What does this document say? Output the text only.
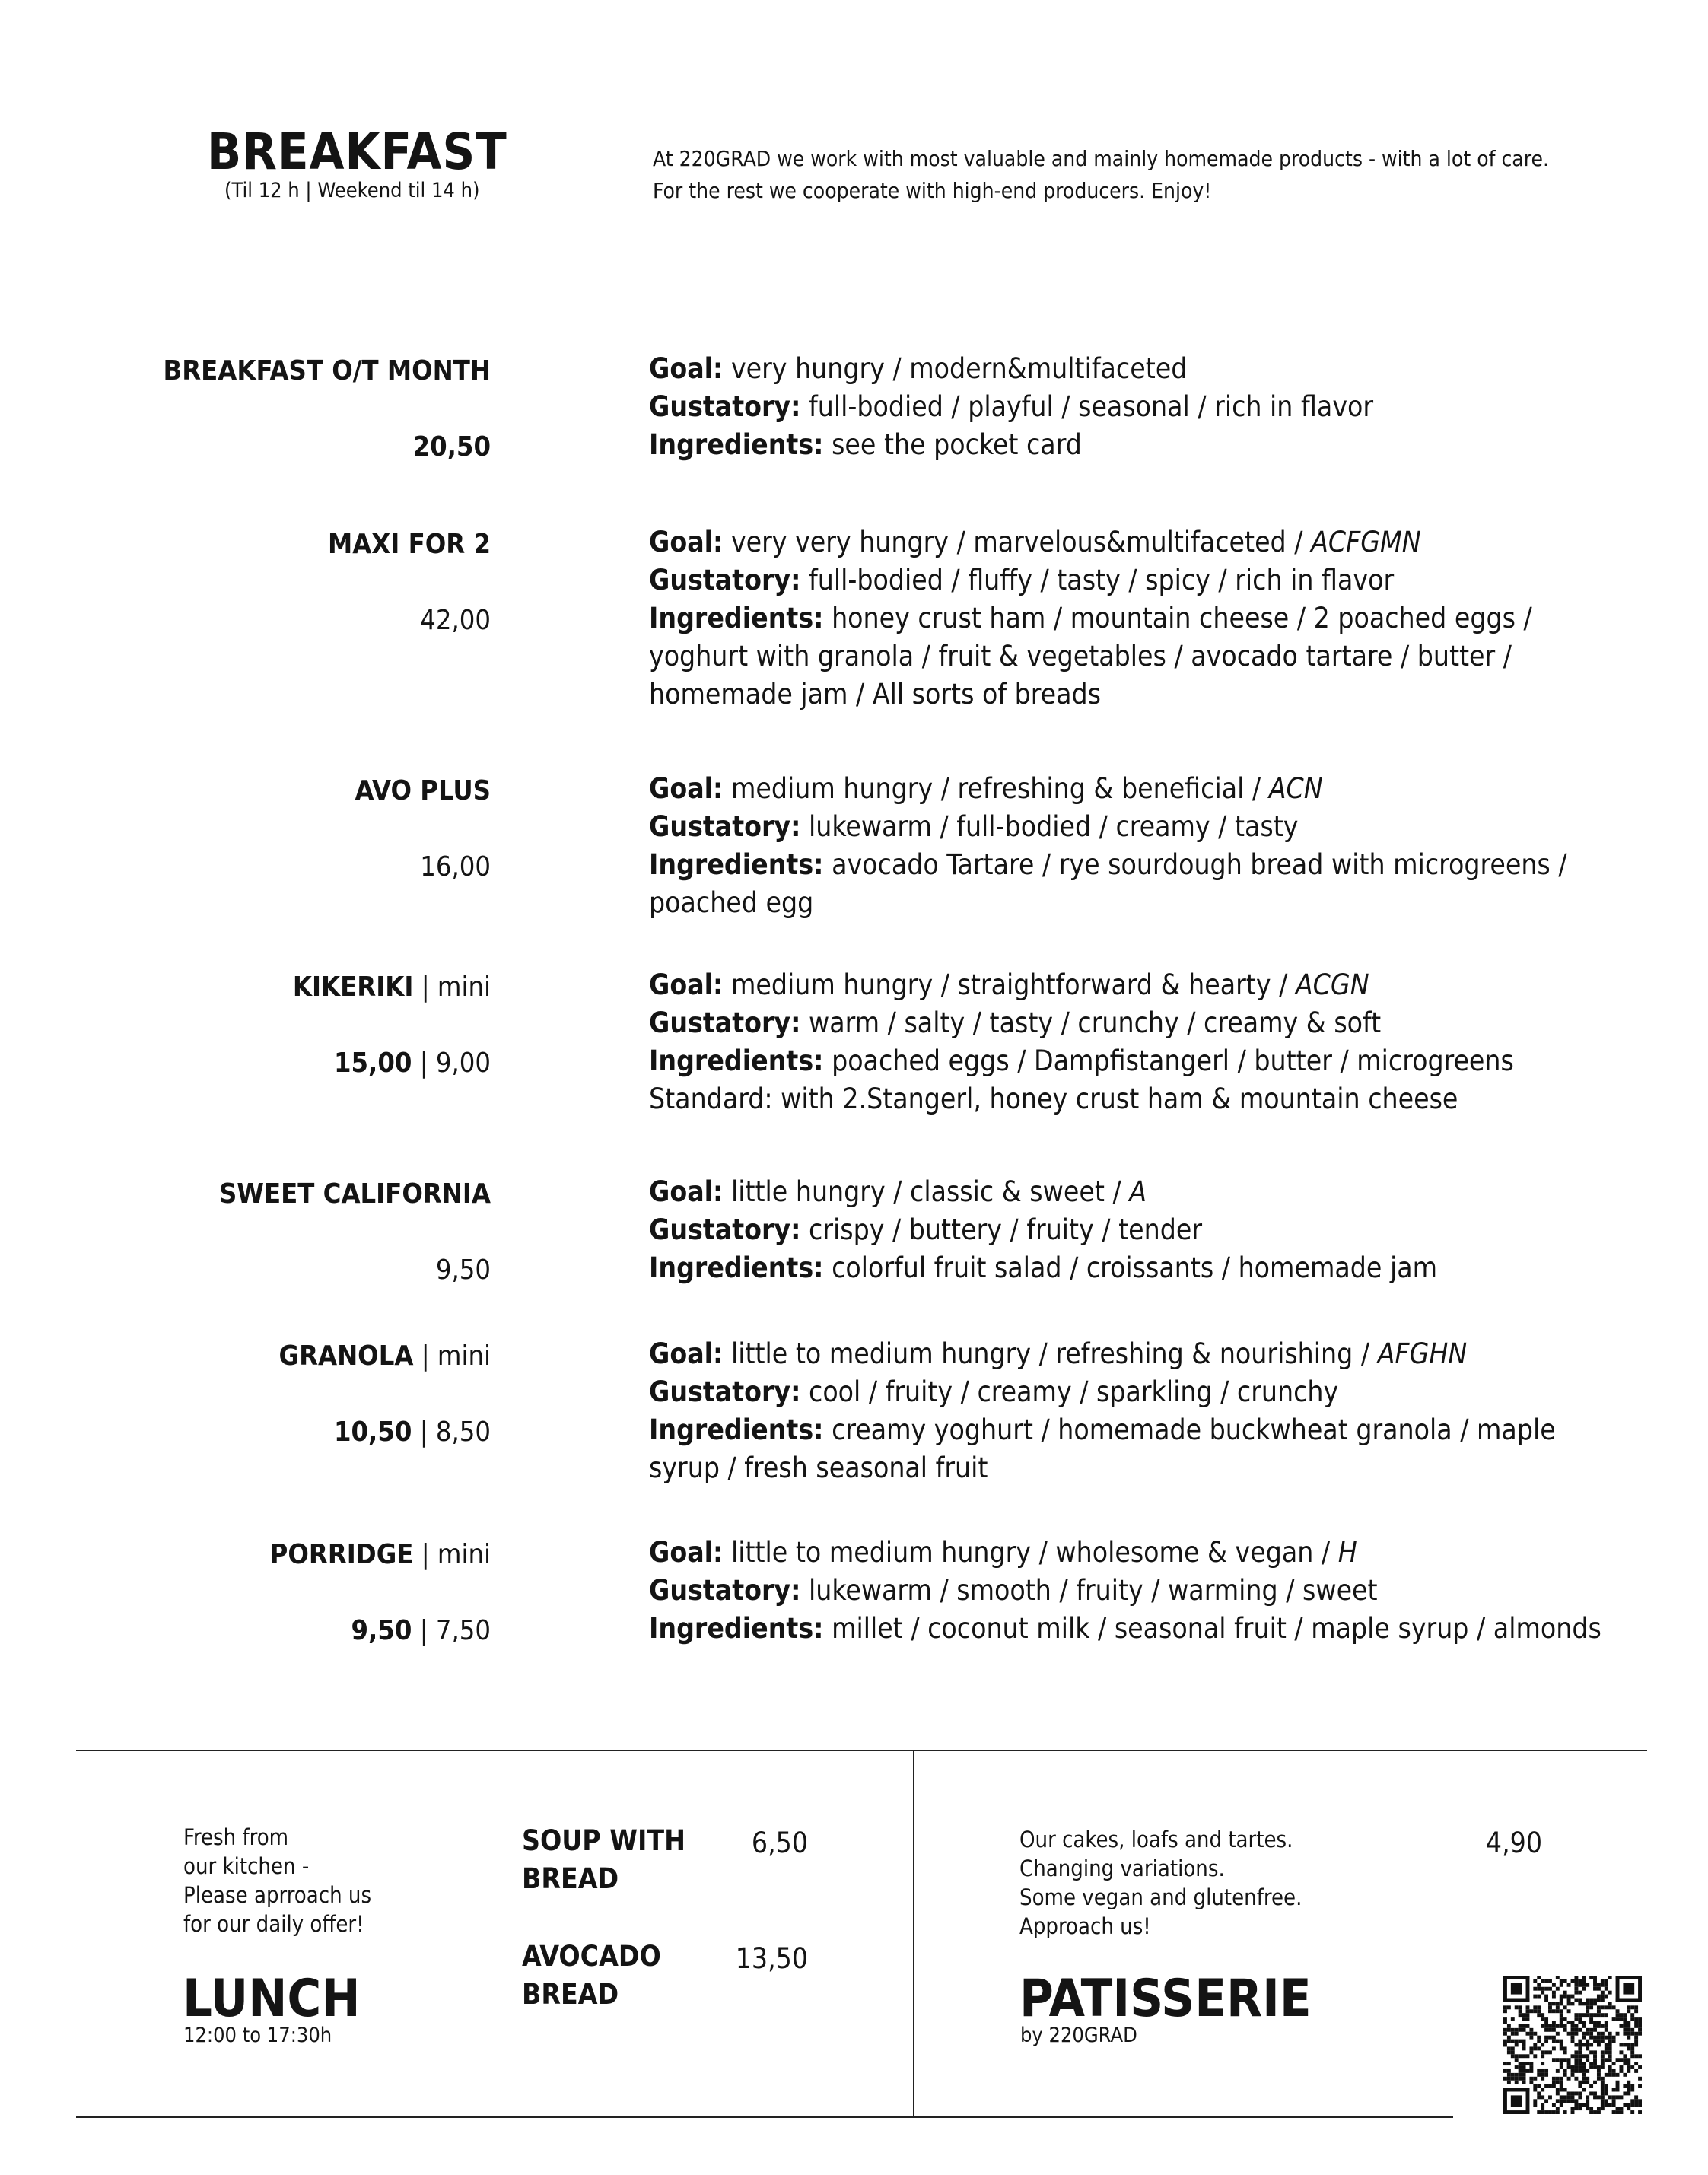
BREAKFAST
(Til 12 h | Weekend til 14 h)
At 220GRAD we work with most valuable and mainly homemade products - with a lot of care.
For the rest we cooperate with high-end producers. Enjoy!
BREAKFAST O/T MONTH
20,50
Goal: very hungry / modern&multifaceted
Gustatory: full-bodied / playful / seasonal / rich in flavor
Ingredients: see the pocket card
MAXI FOR 2
42,00
Goal: very very hungry / marvelous&multifaceted / ACFGMN
Gustatory: full-bodied / fluffy / tasty / spicy / rich in flavor
Ingredients: honey crust ham / mountain cheese / 2 poached eggs / yoghurt with granola / fruit & vegetables / avocado tartare / butter / homemade jam / All sorts of breads
AVO PLUS
16,00
Goal: medium hungry / refreshing & beneficial / ACN
Gustatory: lukewarm / full-bodied / creamy / tasty
Ingredients: avocado Tartare / rye sourdough bread with microgreens / poached egg
KIKERIKI | mini
15,00 | 9,00
Goal: medium hungry / straightforward & hearty / ACGN
Gustatory: warm / salty / tasty / crunchy / creamy & soft
Ingredients: poached eggs / Dampfistangerl / butter / microgreens
Standard: with 2.Stangerl, honey crust ham & mountain cheese
SWEET CALIFORNIA
9,50
Goal: little hungry / classic & sweet / A
Gustatory: crispy / buttery / fruity / tender
Ingredients: colorful fruit salad / croissants / homemade jam
GRANOLA | mini
10,50 | 8,50
Goal: little to medium hungry / refreshing & nourishing / AFGHN
Gustatory: cool / fruity / creamy / sparkling / crunchy
Ingredients: creamy yoghurt / homemade buckwheat granola / maple syrup / fresh seasonal fruit
PORRIDGE | mini
9,50 | 7,50
Goal: little to medium hungry / wholesome & vegan / H
Gustatory: lukewarm / smooth / fruity / warming / sweet
Ingredients: millet / coconut milk / seasonal fruit / maple syrup / almonds
Fresh from
our kitchen -
Please aprroach us
for our daily offer!
LUNCH
12:00 to 17:30h
SOUP WITH
BREAD
6,50
AVOCADO
BREAD
13,50
Our cakes, loafs and tartes.
Changing variations.
Some vegan and glutenfree.
Approach us!
4,90
PATISSERIE
by 220GRAD
